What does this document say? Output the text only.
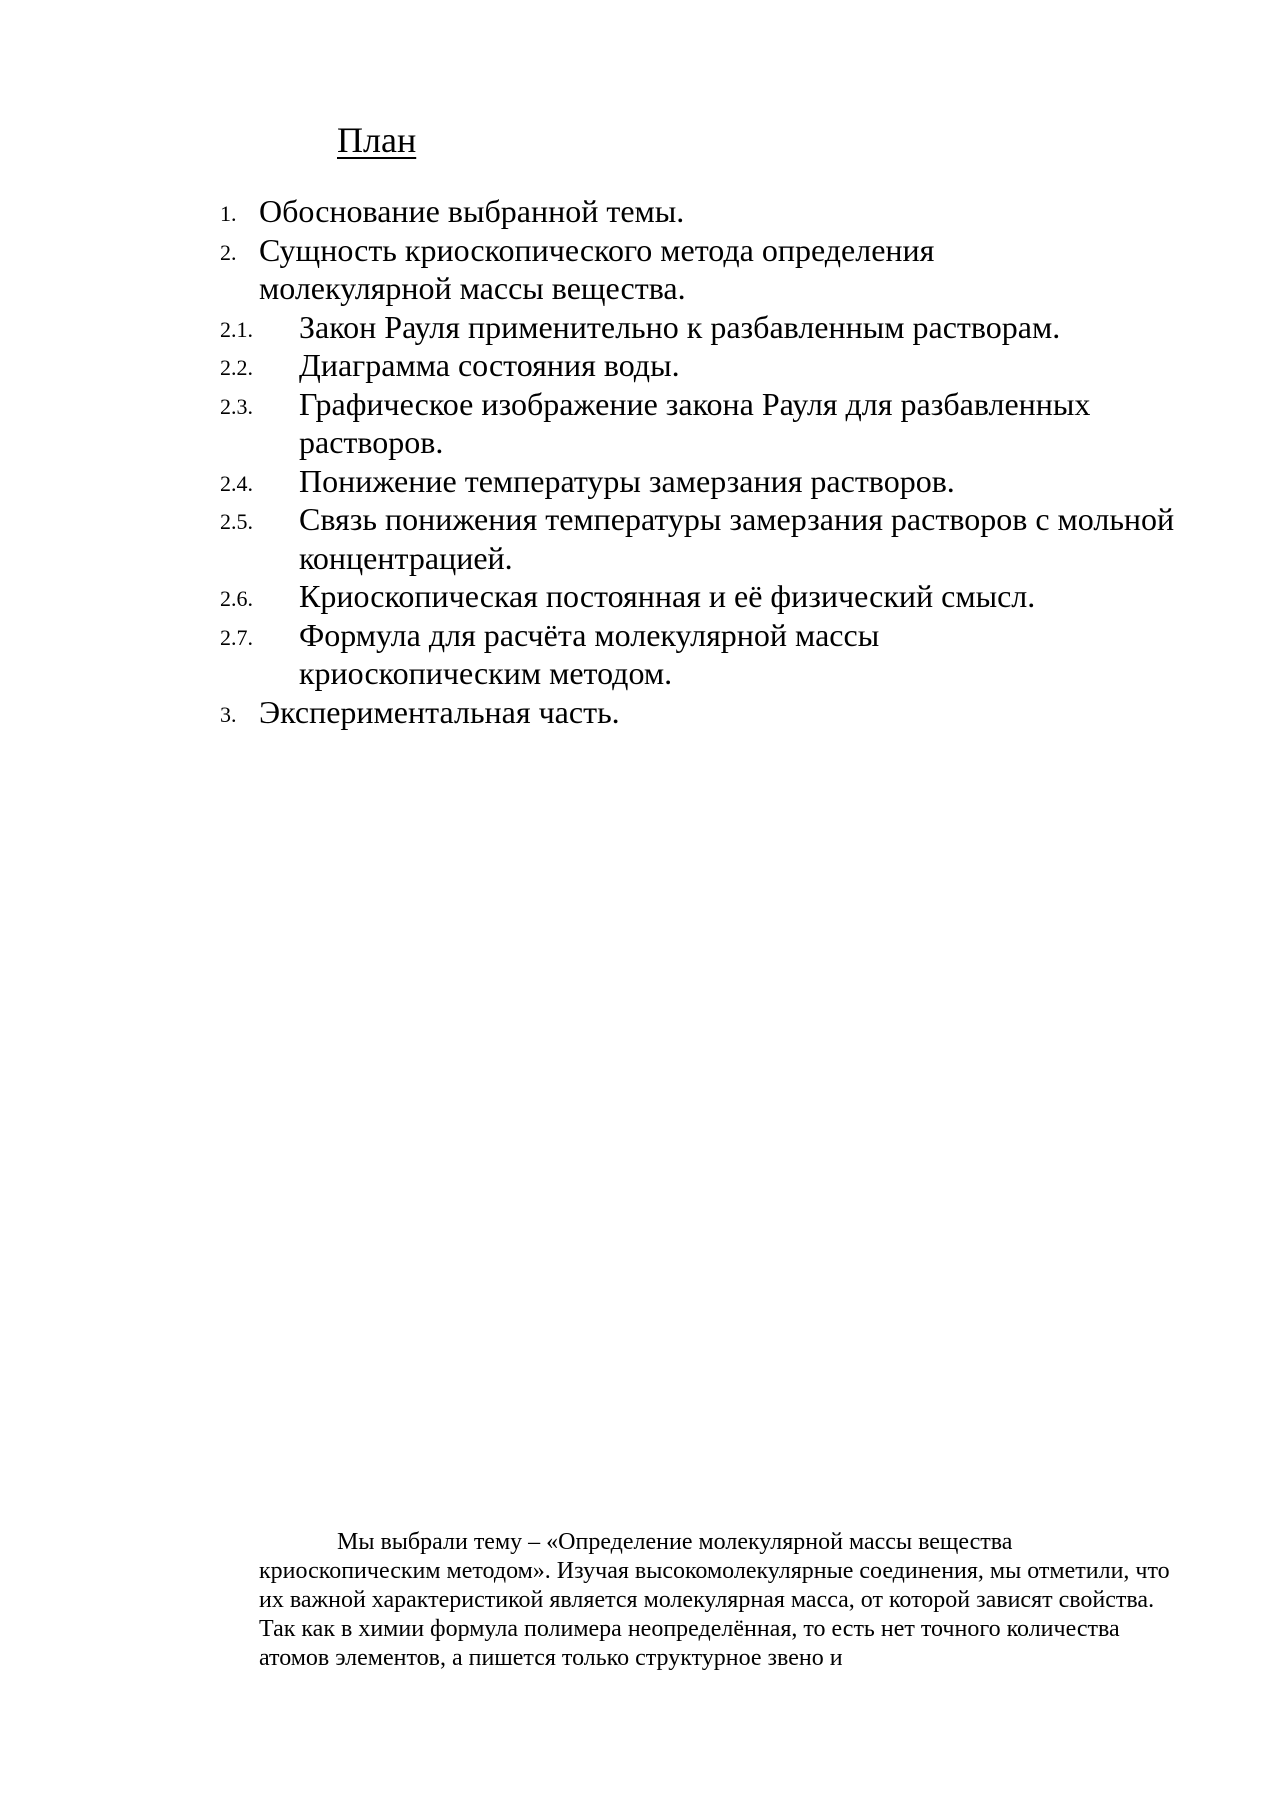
План
1. Обоснование выбранной темы.
2. Сущность криоскопического метода определения молекулярной массы вещества.
2.1. Закон Рауля применительно к разбавленным растворам.
2.2. Диаграмма состояния воды.
2.3. Графическое изображение закона Рауля для разбавленных растворов.
2.4. Понижение температуры замерзания растворов.
2.5. Связь понижения температуры замерзания растворов с мольной концентрацией.
2.6. Криоскопическая постоянная и её физический смысл.
2.7. Формула для расчёта молекулярной массы криоскопическим методом.
3. Экспериментальная часть.

Мы выбрали тему – «Определение молекулярной массы вещества криоскопическим методом». Изучая высокомолекулярные соединения, мы отметили, что их важной характеристикой является молекулярная масса, от которой зависят свойства. Так как в химии формула полимера неопределённая, то есть нет точного количества атомов элементов, а пишется только структурное звено и
